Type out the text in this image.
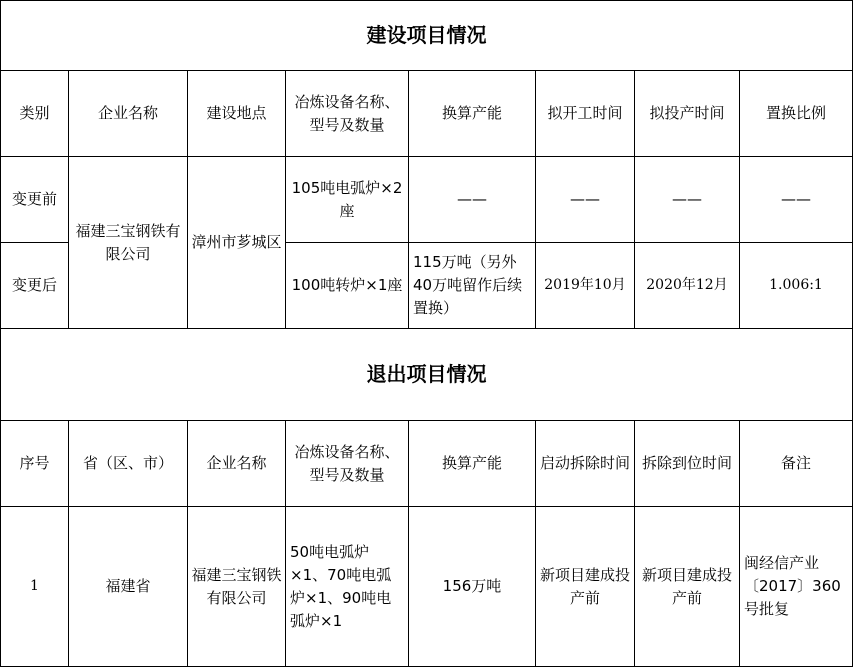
建设项目情况							
类别	企业名称	建设地点	冶炼设备名称、型号及数量	换算产能	拟开工时间	拟投产时间	置换比例
变更前	福建三宝钢铁有限公司	漳州市芗城区	105吨电弧炉×2座	——	——	——	——
变更后			100吨转炉×1座	115万吨（另外40万吨留作后续置换）	2019年10月	2020年12月	1.006:1
退出项目情况							
序号	省（区、市）	企业名称	冶炼设备名称、型号及数量	换算产能	启动拆除时间	拆除到位时间	备注
1	福建省	福建三宝钢铁有限公司	50吨电弧炉×1、70吨电弧炉×1、90吨电弧炉×1	156万吨	新项目建成投产前	新项目建成投产前	闽经信产业〔2017〕360号批复
